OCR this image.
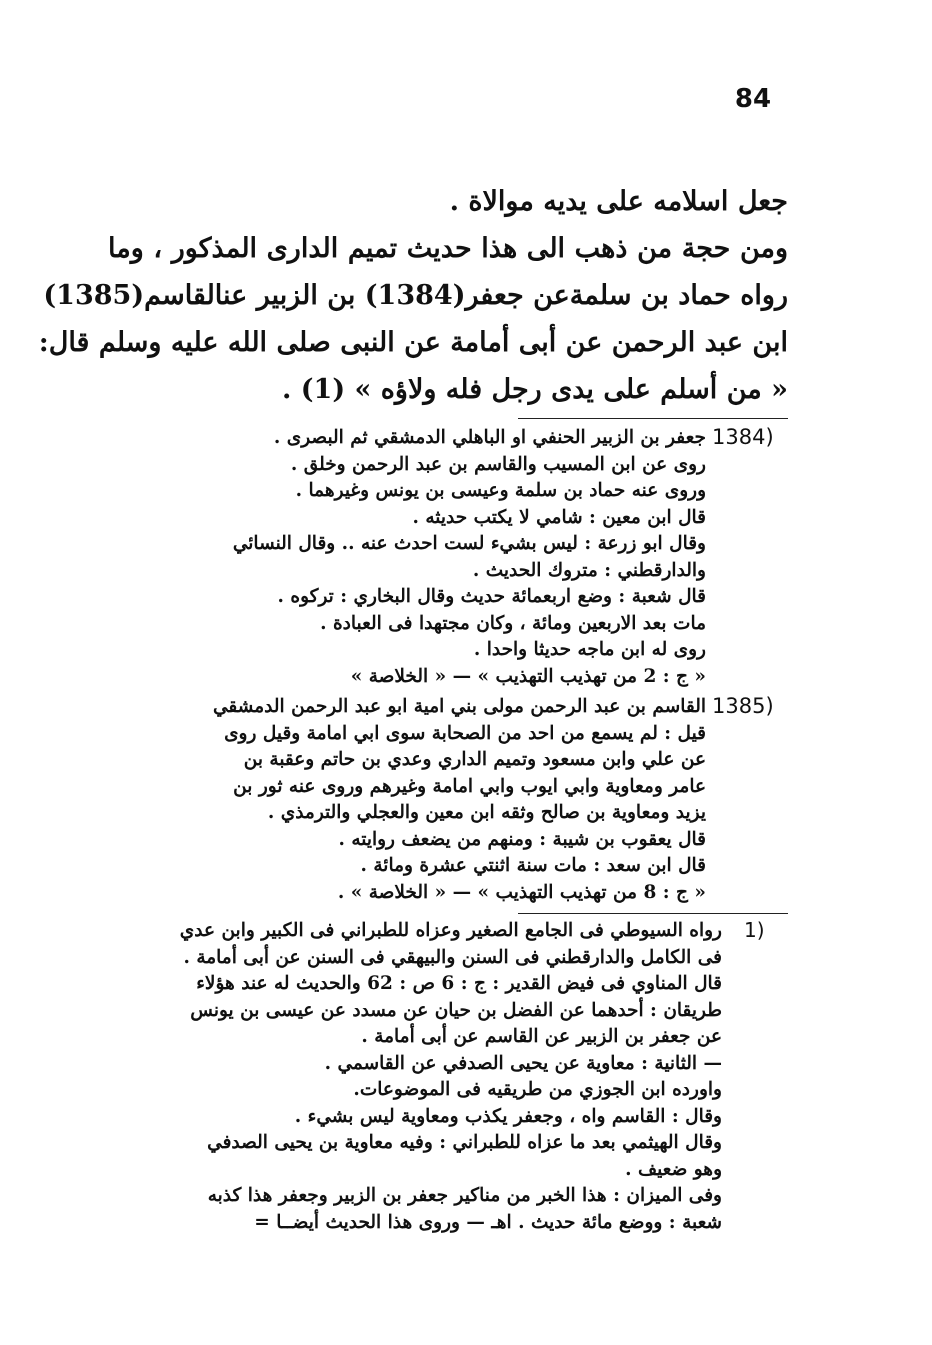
84
جعل اسلامه على يديه موالاة .
ومن حجة من ذهب الى هذا حديث تميم الدارى المذكور ، وما
رواه حماد بن سلمةعن جعفر(1384) بن الزبير عنالقاسم(1385)
ابن عبد الرحمن عن أبى أمامة عن النبى صلى الله عليه وسلم قال:
« من أسلم على يدى رجل فله ولاؤه » (1) .
1384)
جعفر بن الزبير الحنفي او الباهلي الدمشقي ثم البصرى .
روى عن ابن المسيب والقاسم بن عبد الرحمن وخلق .
وروى عنه حماد بن سلمة وعيسى بن يونس وغيرهما .
قال ابن معين : شامي لا يكتب حديثه .
وقال ابو زرعة : ليس بشيء لست احدث عنه .. وقال النسائي
والدارقطني : متروك الحديث .
قال شعبة : وضع اربعمائة حديث وقال البخاري : تركوه .
مات بعد الاربعين ومائة ، وكان مجتهدا فى العبادة .
روى له ابن ماجه حديثا واحدا .
« ج : 2 من تهذيب التهذيب » — « الخلاصة »
1385)
القاسم بن عبد الرحمن مولى بني امية ابو عبد الرحمن الدمشقي
قيل : لم يسمع من احد من الصحابة سوى ابي امامة وقيل روى
عن علي وابن مسعود وتميم الداري وعدي بن حاتم وعقبة بن
عامر ومعاوية وابي ايوب وابي امامة وغيرهم وروى عنه ثور بن
يزيد ومعاوية بن صالح وثقه ابن معين والعجلي والترمذي .
قال يعقوب بن شيبة : ومنهم من يضعف روايته .
قال ابن سعد : مات سنة اثنتي عشرة ومائة .
« ج : 8 من تهذيب التهذيب » — « الخلاصة » .
1)
رواه السيوطي فى الجامع الصغير وعزاه للطبراني فى الكبير وابن عدي
فى الكامل والدارقطني فى السنن والبيهقي فى السنن عن أبى أمامة .
قال المناوي فى فيض القدير : ج : 6 ص : 62 والحديث له عند هؤلاء
طريقان : أحدهما عن الفضل بن حيان عن مسدد عن عيسى بن يونس
عن جعفر بن الزبير عن القاسم عن أبى أمامة .
— الثانية : معاوية عن يحيى الصدفي عن القاسمي .
واورده ابن الجوزي من طريقيه فى الموضوعات.
وقال : القاسم واه ، وجعفر يكذب ومعاوية ليس بشيء .
وقال الهيثمي بعد ما عزاه للطبراني : وفيه معاوية بن يحيى الصدفي
وهو ضعيف .
وفى الميزان : هذا الخبر من مناكير جعفر بن الزبير وجعفر هذا كذبه
شعبة : ووضع مائة حديث . اهـ — وروى هذا الحديث أيضــا =
